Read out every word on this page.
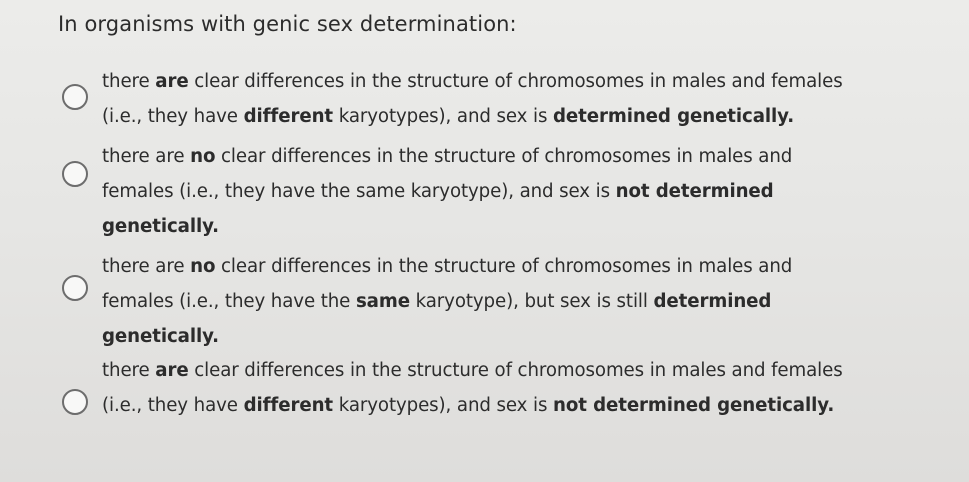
In organisms with genic sex determination:
there are clear differences in the structure of chromosomes in males and females
(i.e., they have different karyotypes), and sex is determined genetically.
there are no clear differences in the structure of chromosomes in males and
females (i.e., they have the same karyotype), and sex is not determined
genetically.
there are no clear differences in the structure of chromosomes in males and
females (i.e., they have the same karyotype), but sex is still determined
genetically.
there are clear differences in the structure of chromosomes in males and females
(i.e., they have different karyotypes), and sex is not determined genetically.
